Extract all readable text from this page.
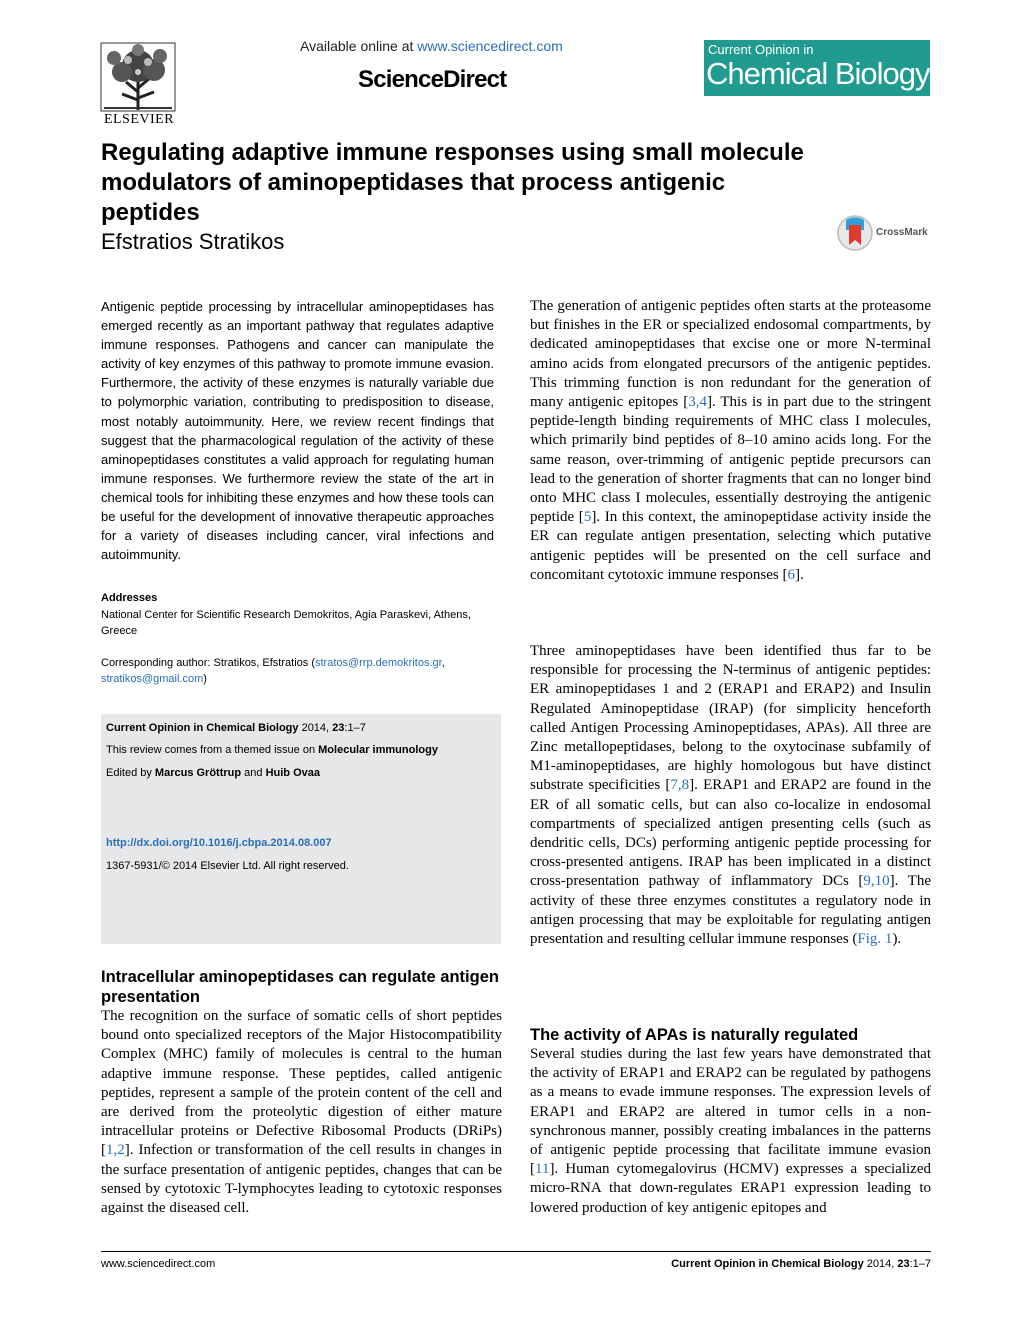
ELSEVIER
Available online at www.sciencedirect.com
ScienceDirect
Current Opinion in
Chemical Biology
Regulating adaptive immune responses using small molecule modulators of aminopeptidases that process antigenic peptides
Efstratios Stratikos	CrossMark
Antigenic peptide processing by intracellular aminopeptidases has emerged recently as an important pathway that regulates adaptive immune responses. Pathogens and cancer can manipulate the activity of key enzymes of this pathway to promote immune evasion. Furthermore, the activity of these enzymes is naturally variable due to polymorphic variation, contributing to predisposition to disease, most notably autoimmunity. Here, we review recent findings that suggest that the pharmacological regulation of the activity of these aminopeptidases constitutes a valid approach for regulating human immune responses. We furthermore review the state of the art in chemical tools for inhibiting these enzymes and how these tools can be useful for the development of innovative therapeutic approaches for a variety of diseases including cancer, viral infections and autoimmunity.
Addresses
National Center for Scientific Research Demokritos, Agia Paraskevi, Athens, Greece
Corresponding author: Stratikos, Efstratios (stratos@rrp.demokritos.gr,
stratikos@gmail.com)
Current Opinion in Chemical Biology 2014, 23:1–7
This review comes from a themed issue on Molecular immunology
Edited by Marcus Gröttrup and Huib Ovaa
http://dx.doi.org/10.1016/j.cbpa.2014.08.007
1367-5931/© 2014 Elsevier Ltd. All right reserved.
Intracellular aminopeptidases can regulate antigen presentation
The recognition on the surface of somatic cells of short peptides bound onto specialized receptors of the Major Histocompatibility Complex (MHC) family of molecules is central to the human adaptive immune response. These peptides, called antigenic peptides, represent a sample of the protein content of the cell and are derived from the proteolytic digestion of either mature intracellular proteins or Defective Ribosomal Products (DRiPs) [1,2]. Infection or transformation of the cell results in changes in the surface presentation of antigenic peptides, changes that can be sensed by cytotoxic T-lymphocytes leading to cytotoxic responses against the diseased cell.

The generation of antigenic peptides often starts at the proteasome but finishes in the ER or specialized endosomal compartments, by dedicated aminopeptidases that excise one or more N-terminal amino acids from elongated precursors of the antigenic peptides. This trimming function is non redundant for the generation of many antigenic epitopes [3,4]. This is in part due to the stringent peptide-length binding requirements of MHC class I molecules, which primarily bind peptides of 8–10 amino acids long. For the same reason, over-trimming of antigenic peptide precursors can lead to the generation of shorter fragments that can no longer bind onto MHC class I molecules, essentially destroying the antigenic peptide [5]. In this context, the aminopeptidase activity inside the ER can regulate antigen presentation, selecting which putative antigenic peptides will be presented on the cell surface and concomitant cytotoxic immune responses [6].

Three aminopeptidases have been identified thus far to be responsible for processing the N-terminus of antigenic peptides: ER aminopeptidases 1 and 2 (ERAP1 and ERAP2) and Insulin Regulated Aminopeptidase (IRAP) (for simplicity henceforth called Antigen Processing Aminopeptidases, APAs). All three are Zinc metallopeptidases, belong to the oxytocinase subfamily of M1-aminopeptidases, are highly homologous but have distinct substrate specificities [7,8]. ERAP1 and ERAP2 are found in the ER of all somatic cells, but can also co-localize in endosomal compartments of specialized antigen presenting cells (such as dendritic cells, DCs) performing antigenic peptide processing for cross-presented antigens. IRAP has been implicated in a distinct cross-presentation pathway of inflammatory DCs [9,10]. The activity of these three enzymes constitutes a regulatory node in antigen processing that may be exploitable for regulating antigen presentation and resulting cellular immune responses (Fig. 1).

The activity of APAs is naturally regulated

Several studies during the last few years have demonstrated that the activity of ERAP1 and ERAP2 can be regulated by pathogens as a means to evade immune responses. The expression levels of ERAP1 and ERAP2 are altered in tumor cells in a non-synchronous manner, possibly creating imbalances in the patterns of antigenic peptide processing that facilitate immune evasion [11]. Human cytomegalovirus (HCMV) expresses a specialized micro-RNA that down-regulates ERAP1 expression leading to lowered production of key antigenic epitopes and

www.sciencedirect.com	Current Opinion in Chemical Biology 2014, 23:1–7
